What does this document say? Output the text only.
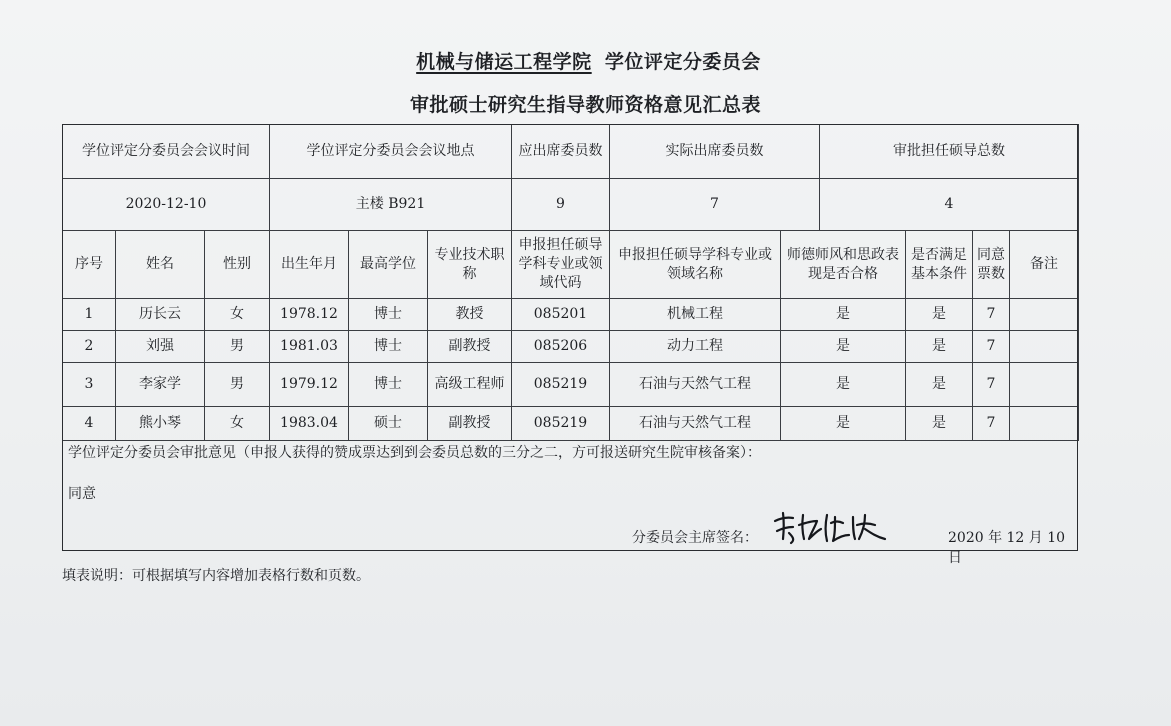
机械与储运工程学院 学位评定分委员会
审批硕士研究生指导教师资格意见汇总表
学位评定分委员会会议时间			学位评定分委员会会议地点			应出席委员数	实际出席委员数		审批担任硕导总数			
2020-12-10			主楼 B921			9	7		4			
序号	姓名	性别	出生年月	最高学位	专业技术职称	申报担任硕导学科专业或领域代码	申报担任硕导学科专业或领域名称	师德师风和思政表现是否合格		是否满足基本条件	同意票数	备注
1	历长云	女	1978.12	博士	教授	085201	机械工程	是		是	7	
2	刘强	男	1981.03	博士	副教授	085206	动力工程	是		是	7	
3	李家学	男	1979.12	博士	高级工程师	085219	石油与天然气工程	是		是	7	
4	熊小琴	女	1983.04	硕士	副教授	085219	石油与天然气工程	是		是	7	
学位评定分委员会审批意见（申报人获得的赞成票达到到会委员总数的三分之二，方可报送研究生院审核备案）：
同意
分委员会主席签名：	2020 年 12 月 10 日
填表说明：可根据填写内容增加表格行数和页数。
